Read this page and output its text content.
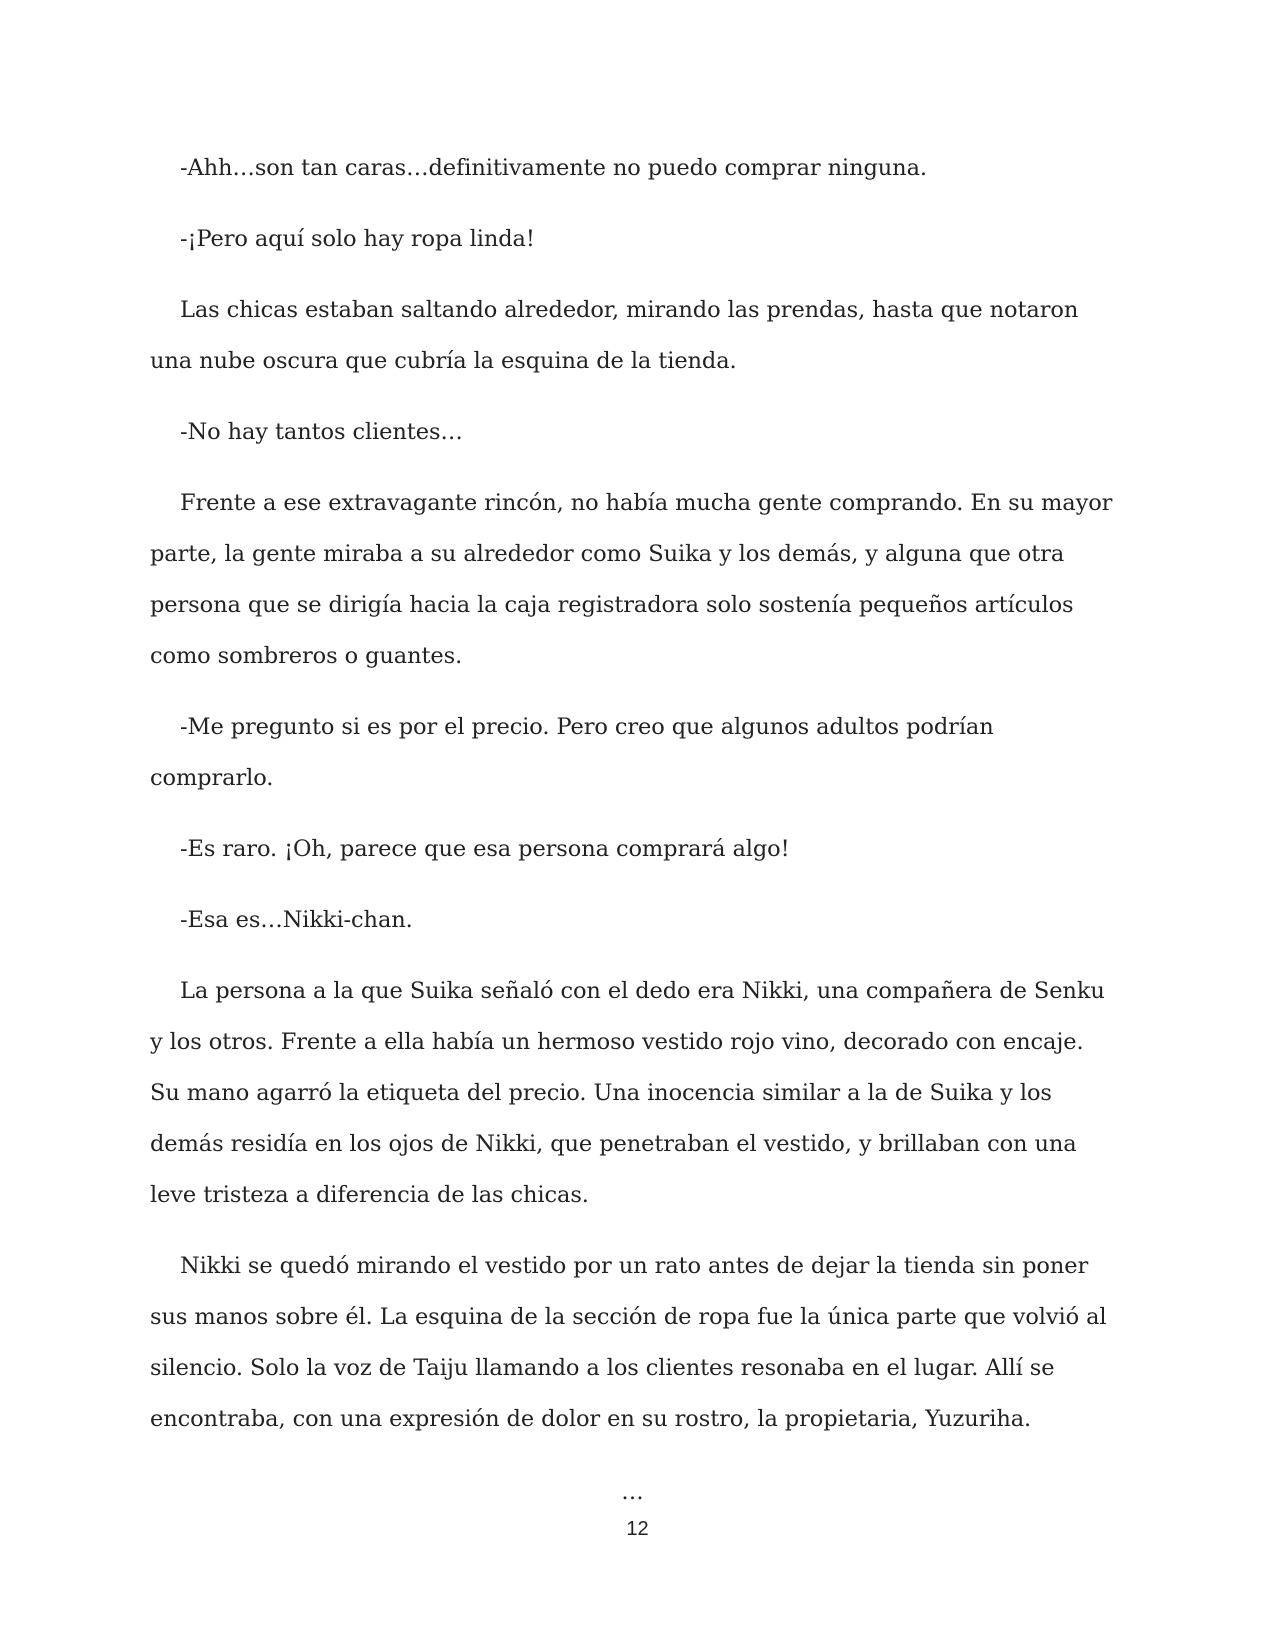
-Ahh…son tan caras…definitivamente no puedo comprar ninguna.

-¡Pero aquí solo hay ropa linda!

Las chicas estaban saltando alrededor, mirando las prendas, hasta que notaron una nube oscura que cubría la esquina de la tienda.

-No hay tantos clientes…

Frente a ese extravagante rincón, no había mucha gente comprando. En su mayor parte, la gente miraba a su alrededor como Suika y los demás, y alguna que otra persona que se dirigía hacia la caja registradora solo sostenía pequeños artículos como sombreros o guantes.

-Me pregunto si es por el precio. Pero creo que algunos adultos podrían comprarlo.

-Es raro. ¡Oh, parece que esa persona comprará algo!

-Esa es…Nikki-chan.

La persona a la que Suika señaló con el dedo era Nikki, una compañera de Senku y los otros. Frente a ella había un hermoso vestido rojo vino, decorado con encaje. Su mano agarró la etiqueta del precio. Una inocencia similar a la de Suika y los demás residía en los ojos de Nikki, que penetraban el vestido, y brillaban con una leve tristeza a diferencia de las chicas.

Nikki se quedó mirando el vestido por un rato antes de dejar la tienda sin poner sus manos sobre él. La esquina de la sección de ropa fue la única parte que volvió al silencio. Solo la voz de Taiju llamando a los clientes resonaba en el lugar. Allí se encontraba, con una expresión de dolor en su rostro, la propietaria, Yuzuriha.

…

12
